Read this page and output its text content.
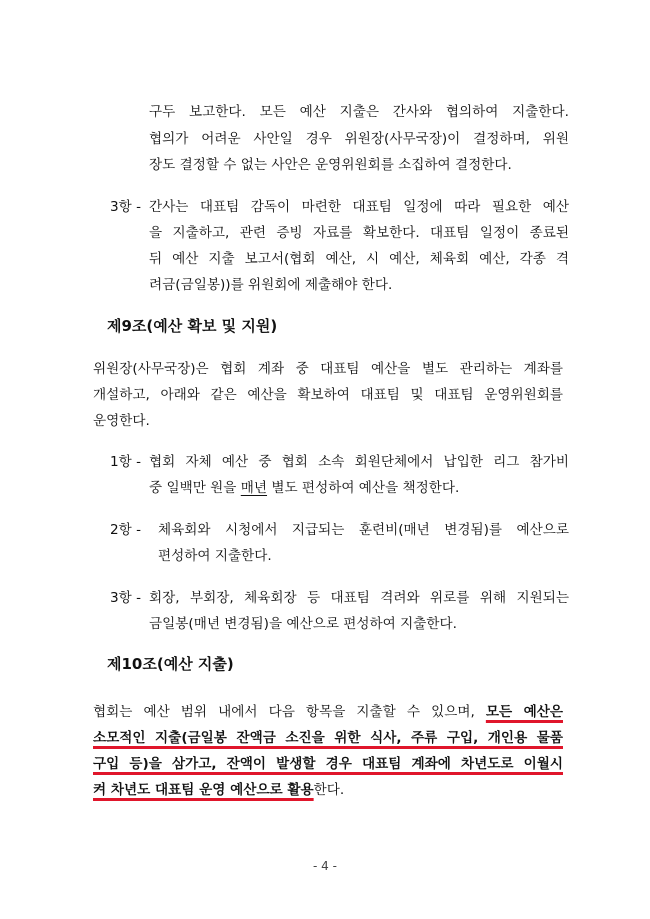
구두 보고한다. 모든 예산 지출은 간사와 협의하여 지출한다.
협의가 어려운 사안일 경우 위원장(사무국장)이 결정하며, 위원
장도 결정할 수 없는 사안은 운영위원회를 소집하여 결정한다.
3항 - 간사는 대표팀 감독이 마련한 대표팀 일정에 따라 필요한 예산
을 지출하고, 관련 증빙 자료를 확보한다. 대표팀 일정이 종료된
뒤 예산 지출 보고서(협회 예산, 시 예산, 체육회 예산, 각종 격
려금(금일봉))를 위원회에 제출해야 한다.
제9조(예산 확보 및 지원)
위원장(사무국장)은 협회 계좌 중 대표팀 예산을 별도 관리하는 계좌를
개설하고, 아래와 같은 예산을 확보하여 대표팀 및 대표팀 운영위원회를
운영한다.
1항 - 협회 자체 예산 중 협회 소속 회원단체에서 납입한 리그 참가비
중 일백만 원을 매년 별도 편성하여 예산을 책정한다.
2항 - 체육회와 시청에서 지급되는 훈련비(매년 변경됨)를 예산으로
편성하여 지출한다.
3항 - 회장, 부회장, 체육회장 등 대표팀 격려와 위로를 위해 지원되는
금일봉(매년 변경됨)을 예산으로 편성하여 지출한다.
제10조(예산 지출)
협회는 예산 범위 내에서 다음 항목을 지출할 수 있으며, 모든 예산은
소모적인 지출(금일봉 잔액금 소진을 위한 식사, 주류 구입, 개인용 물품
구입 등)을 삼가고, 잔액이 발생할 경우 대표팀 계좌에 차년도로 이월시
켜 차년도 대표팀 운영 예산으로 활용한다.
- 4 -
